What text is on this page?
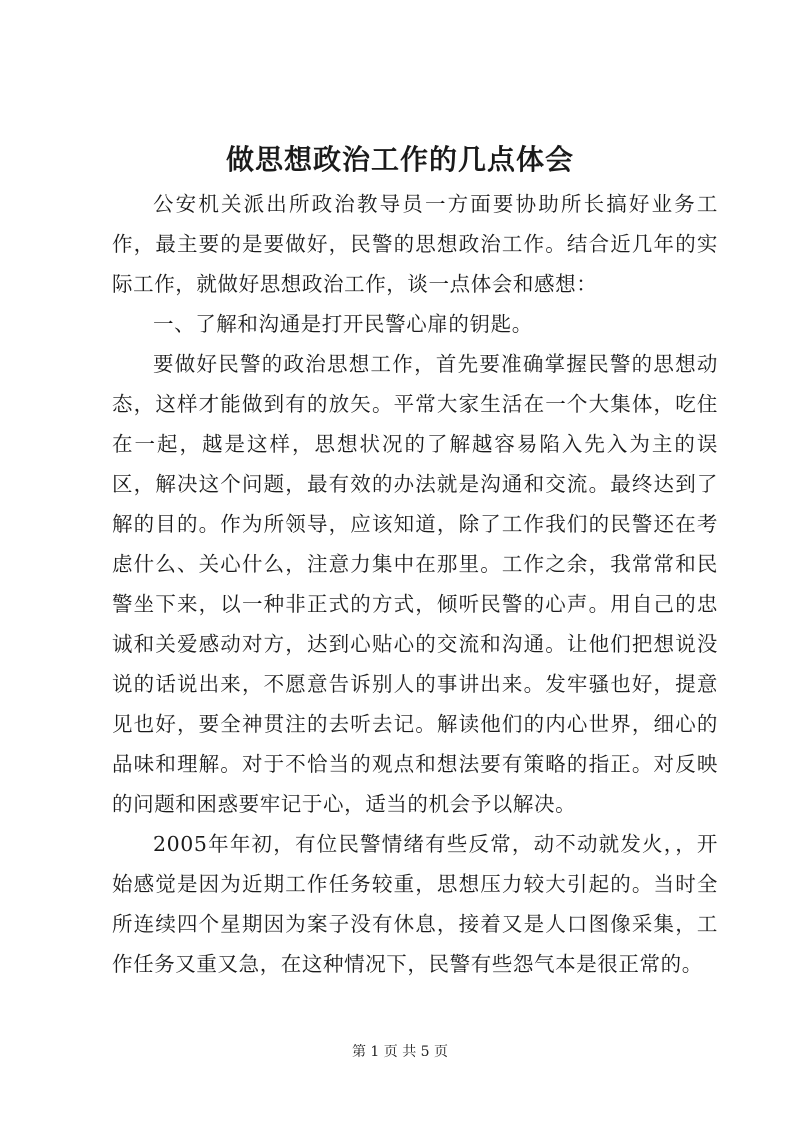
做思想政治工作的几点体会

公安机关派出所政治教导员一方面要协助所长搞好业务工作，最主要的是要做好，民警的思想政治工作。结合近几年的实际工作，就做好思想政治工作，谈一点体会和感想：

一、了解和沟通是打开民警心扉的钥匙。

要做好民警的政治思想工作，首先要准确掌握民警的思想动态，这样才能做到有的放矢。平常大家生活在一个大集体，吃住在一起，越是这样，思想状况的了解越容易陷入先入为主的误区，解决这个问题，最有效的办法就是沟通和交流。最终达到了解的目的。作为所领导，应该知道，除了工作我们的民警还在考虑什么、关心什么，注意力集中在那里。工作之余，我常常和民警坐下来，以一种非正式的方式，倾听民警的心声。用自己的忠诚和关爱感动对方，达到心贴心的交流和沟通。让他们把想说没说的话说出来，不愿意告诉别人的事讲出来。发牢骚也好，提意见也好，要全神贯注的去听去记。解读他们的内心世界，细心的品味和理解。对于不恰当的观点和想法要有策略的指正。对反映的问题和困惑要牢记于心，适当的机会予以解决。

2005年年初，有位民警情绪有些反常，动不动就发火，，开始感觉是因为近期工作任务较重，思想压力较大引起的。当时全所连续四个星期因为案子没有休息，接着又是人口图像采集，工作任务又重又急，在这种情况下，民警有些怨气本是很正常的。

第 1 页 共 5 页
